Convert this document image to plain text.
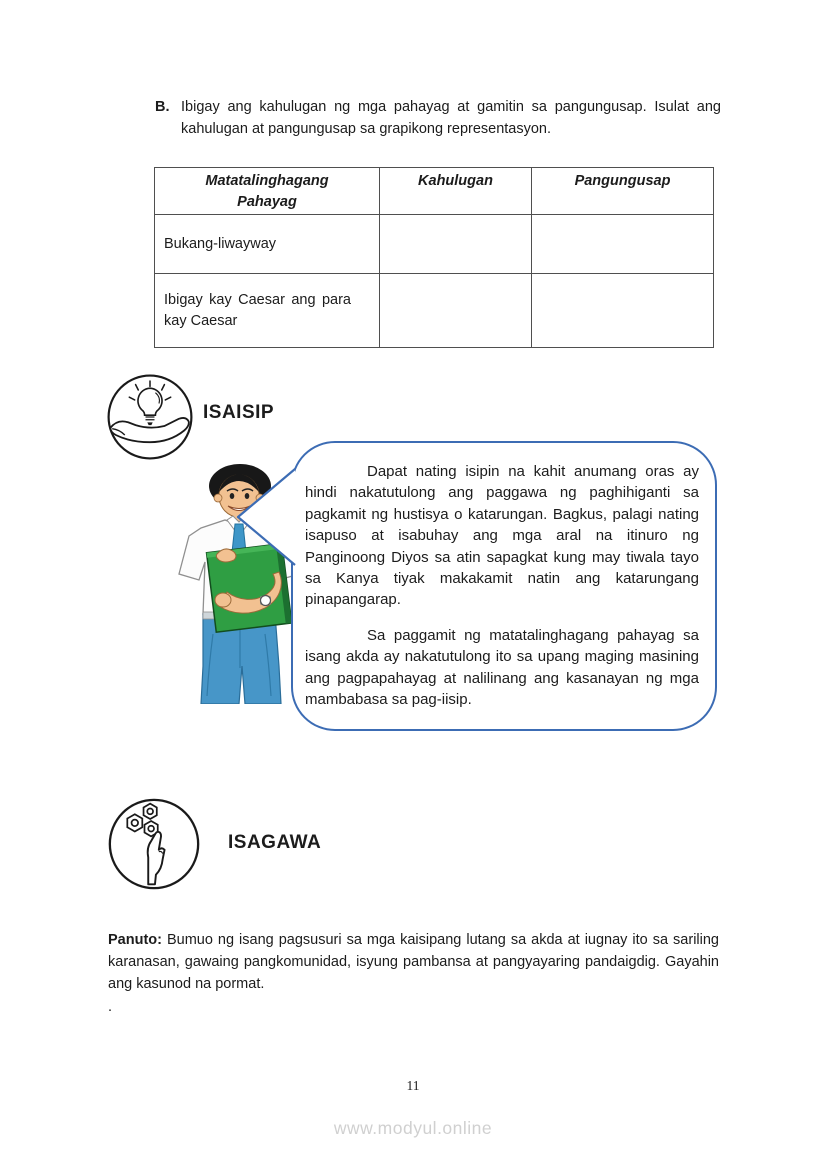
B. Ibigay ang kahulugan ng mga pahayag at gamitin sa pangungusap. Isulat ang kahulugan at pangungusap sa grapikong representasyon.
Matatalinghagang Pahayag	Kahulugan	Pangungusap
Bukang-liwayway		
Ibigay kay Caesar ang para kay Caesar		
ISAISIP

Dapat nating isipin na kahit anumang oras ay hindi nakatutulong ang paggawa ng paghihiganti sa pagkamit ng hustisya o katarungan. Bagkus, palagi nating isapuso at isabuhay ang mga aral na itinuro ng Panginoong Diyos sa atin sapagkat kung may tiwala tayo sa Kanya tiyak makakamit natin ang katarungang pinapangarap.

Sa paggamit ng matatalinghagang pahayag sa isang akda ay nakatutulong ito sa upang maging masining ang pagpapahayag at nalilinang ang kasanayan ng mga mambabasa sa pag-iisip.

ISAGAWA
Panuto: Bumuo ng isang pagsusuri sa mga kaisipang lutang sa akda at iugnay ito sa sariling karanasan, gawaing pangkomunidad, isyung pambansa at pangyayaring pandaigdig. Gayahin ang kasunod na pormat.
.
11
www.modyul.online
